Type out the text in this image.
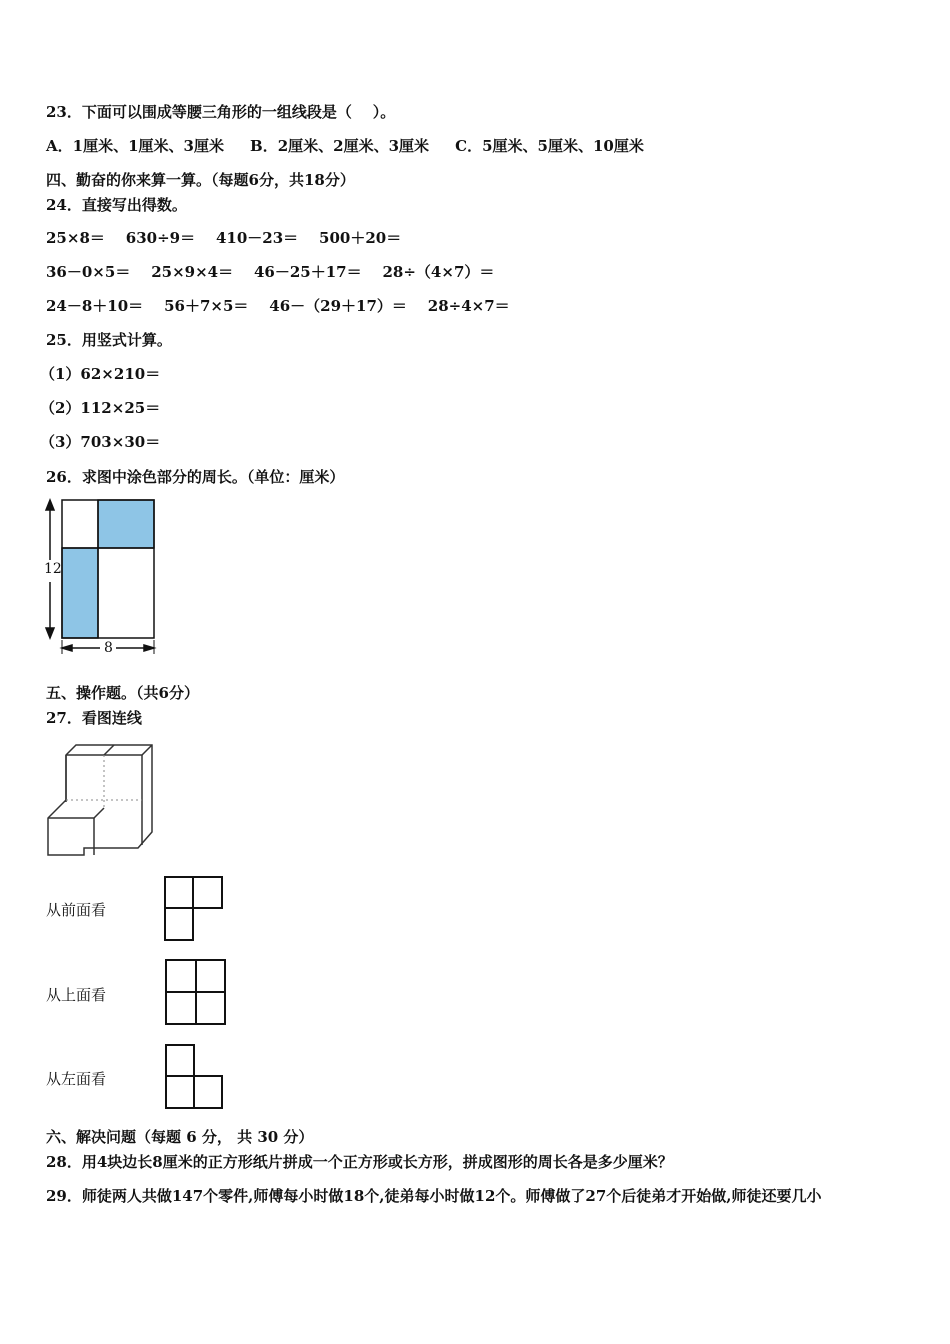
23．下面可以围成等腰三角形的一组线段是（    ）。
A．1厘米、1厘米、3厘米     B．2厘米、2厘米、3厘米     C．5厘米、5厘米、10厘米
四、勤奋的你来算一算。（每题6分，共18分）
24．直接写出得数。
25×8＝    630÷9＝    410－23＝    500＋20＝
36－0×5＝    25×9×4＝    46－25＋17＝    28÷（4×7）＝
24－8＋10＝    56＋7×5＝    46－（29＋17）＝    28÷4×7＝
25．用竖式计算。
（1）62×210＝
（2）112×25＝
（3）703×30＝
26．求图中涂色部分的周长。（单位：厘米）
12
8
五、操作题。（共6分）
27．看图连线
从前面看
从上面看
从左面看
六、解决问题（每题 6 分， 共 30 分）
28．用4块边长8厘米的正方形纸片拼成一个正方形或长方形，拼成图形的周长各是多少厘米？
29．师徒两人共做147个零件,师傅每小时做18个,徒弟每小时做12个。师傅做了27个后徒弟才开始做,师徒还要几小
